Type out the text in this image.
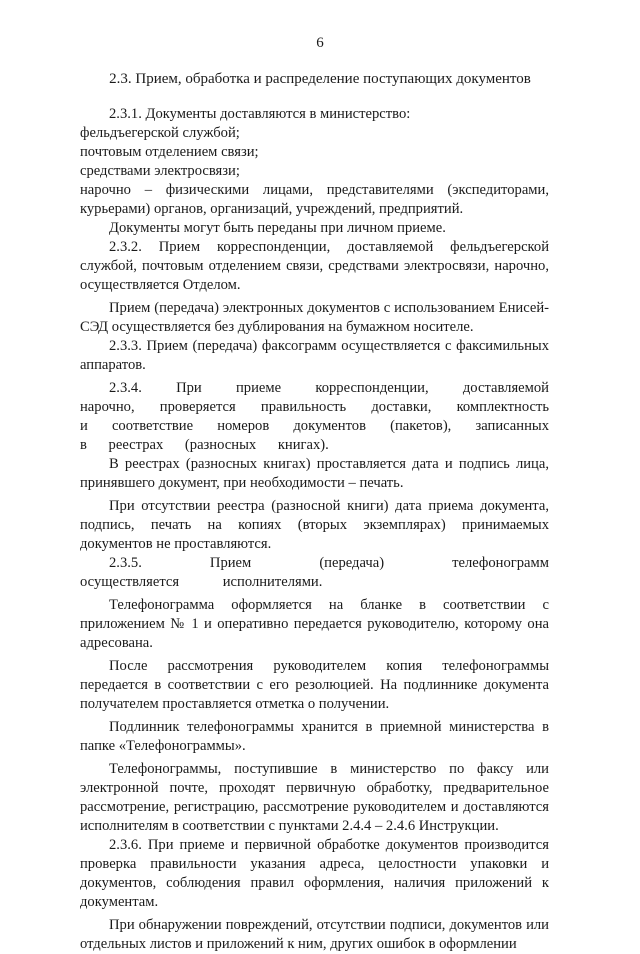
6
2.3. Прием, обработка и распределение поступающих документов

2.3.1. Документы доставляются в министерство:

фельдъегерской службой;

почтовым отделением связи;

средствами электросвязи;

нарочно – физическими лицами, представителями (экспедиторами, курьерами) органов, организаций, учреждений, предприятий.

Документы могут быть переданы при личном приеме.

2.3.2. Прием корреспонденции, доставляемой фельдъегерской службой, почтовым отделением связи, средствами электросвязи, нарочно, осуществляется Отделом.

Прием (передача) электронных документов с использованием Енисей-СЭД осуществляется без дублирования на бумажном носителе.

2.3.3. Прием (передача) факсограмм осуществляется с факсимильных аппаратов.

2.3.4. При приеме корреспонденции, доставляемой нарочно, проверяется правильность доставки, комплектность и соответствие номеров документов (пакетов), записанных в реестрах (разносных книгах).

В реестрах (разносных книгах) проставляется дата и подпись лица, принявшего документ, при необходимости – печать.

При отсутствии реестра (разносной книги) дата приема документа, подпись, печать на копиях (вторых экземплярах) принимаемых документов не проставляются.

2.3.5. Прием (передача) телефонограмм осуществляется исполнителями.

Телефонограмма оформляется на бланке в соответствии с приложением № 1 и оперативно передается руководителю, которому она адресована.

После рассмотрения руководителем копия телефонограммы передается в соответствии с его резолюцией. На подлиннике документа получателем проставляется отметка о получении.

Подлинник телефонограммы хранится в приемной министерства в папке «Телефонограммы».

Телефонограммы, поступившие в министерство по факсу или электронной почте, проходят первичную обработку, предварительное рассмотрение, регистрацию, рассмотрение руководителем и доставляются исполнителям в соответствии с пунктами 2.4.4 – 2.4.6 Инструкции.

2.3.6. При приеме и первичной обработке документов производится проверка правильности указания адреса, целостности упаковки и документов, соблюдения правил оформления, наличия приложений к документам.

При обнаружении повреждений, отсутствии подписи, документов или отдельных листов и приложений к ним, других ошибок в оформлении
